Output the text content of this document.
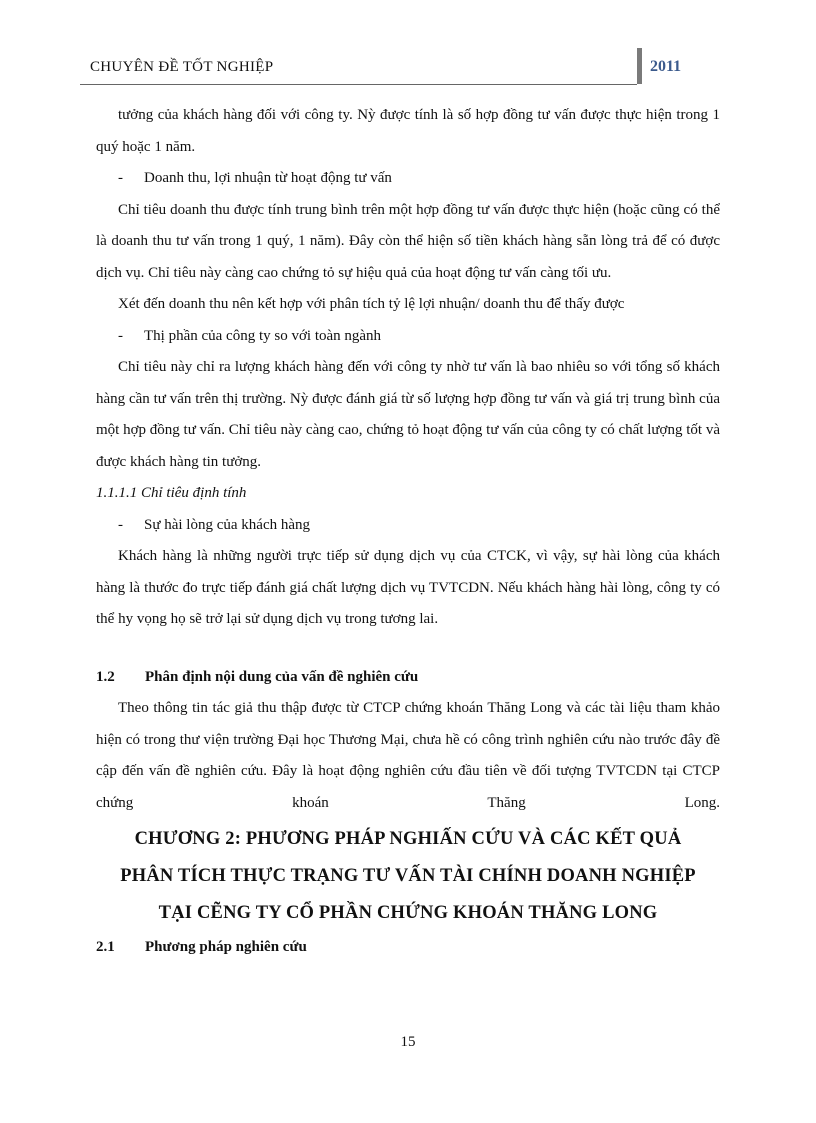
CHUYÊN ĐỀ TỐT NGHIỆP	2011

tưởng của khách hàng đối với công ty. Nỳ được tính là số hợp đồng tư vấn được thực hiện trong 1 quý hoặc 1 năm.

- Doanh thu, lợi nhuận từ hoạt động tư vấn

Chỉ tiêu doanh thu được tính trung bình trên một hợp đồng tư vấn được thực hiện (hoặc cũng có thể là doanh thu tư vấn trong 1 quý, 1 năm). Đây còn thể hiện số tiền khách hàng sẵn lòng trả để có được dịch vụ. Chỉ tiêu này càng cao chứng tỏ sự hiệu quả của hoạt động tư vấn càng tối ưu.

Xét đến doanh thu nên kết hợp với phân tích tỷ lệ lợi nhuận/ doanh thu để thấy được

- Thị phần của công ty so với toàn ngành

Chỉ tiêu này chỉ ra lượng khách hàng đến với công ty nhờ tư vấn là bao nhiêu so với tổng số khách hàng cần tư vấn trên thị trường. Nỳ được đánh giá từ số lượng hợp đồng tư vấn và giá trị trung bình của một hợp đồng tư vấn. Chỉ tiêu này càng cao, chứng tỏ hoạt động tư vấn của công ty có chất lượng tốt và được khách hàng tin tưởng.

1.1.1.1 Chỉ tiêu định tính

- Sự hài lòng của khách hàng

Khách hàng là những người trực tiếp sử dụng dịch vụ của CTCK, vì vậy, sự hài lòng của khách hàng là thước đo trực tiếp đánh giá chất lượng dịch vụ TVTCDN. Nếu khách hàng hài lòng, công ty có thể hy vọng họ sẽ trở lại sử dụng dịch vụ trong tương lai.

1.2 Phân định nội dung của vấn đề nghiên cứu

Theo thông tin tác giả thu thập được từ CTCP chứng khoán Thăng Long và các tài liệu tham khảo hiện có trong thư viện trường Đại học Thương Mại, chưa hề có công trình nghiên cứu nào trước đây đề cập đến vấn đề nghiên cứu. Đây là hoạt động nghiên cứu đầu tiên về đối tượng TVTCDN tại CTCP chứng khoán Thăng Long.

CHƯƠNG 2: PHƯƠNG PHÁP NGHIẤN CỨU VÀ CÁC KẾT QUẢ
PHÂN TÍCH THỰC TRẠNG TƯ VẤN TÀI CHÍNH DOANH NGHIỆP
TẠI CẼNG TY CỔ PHẦN CHỨNG KHOÁN THĂNG LONG

2.1 Phương pháp nghiên cứu

15
